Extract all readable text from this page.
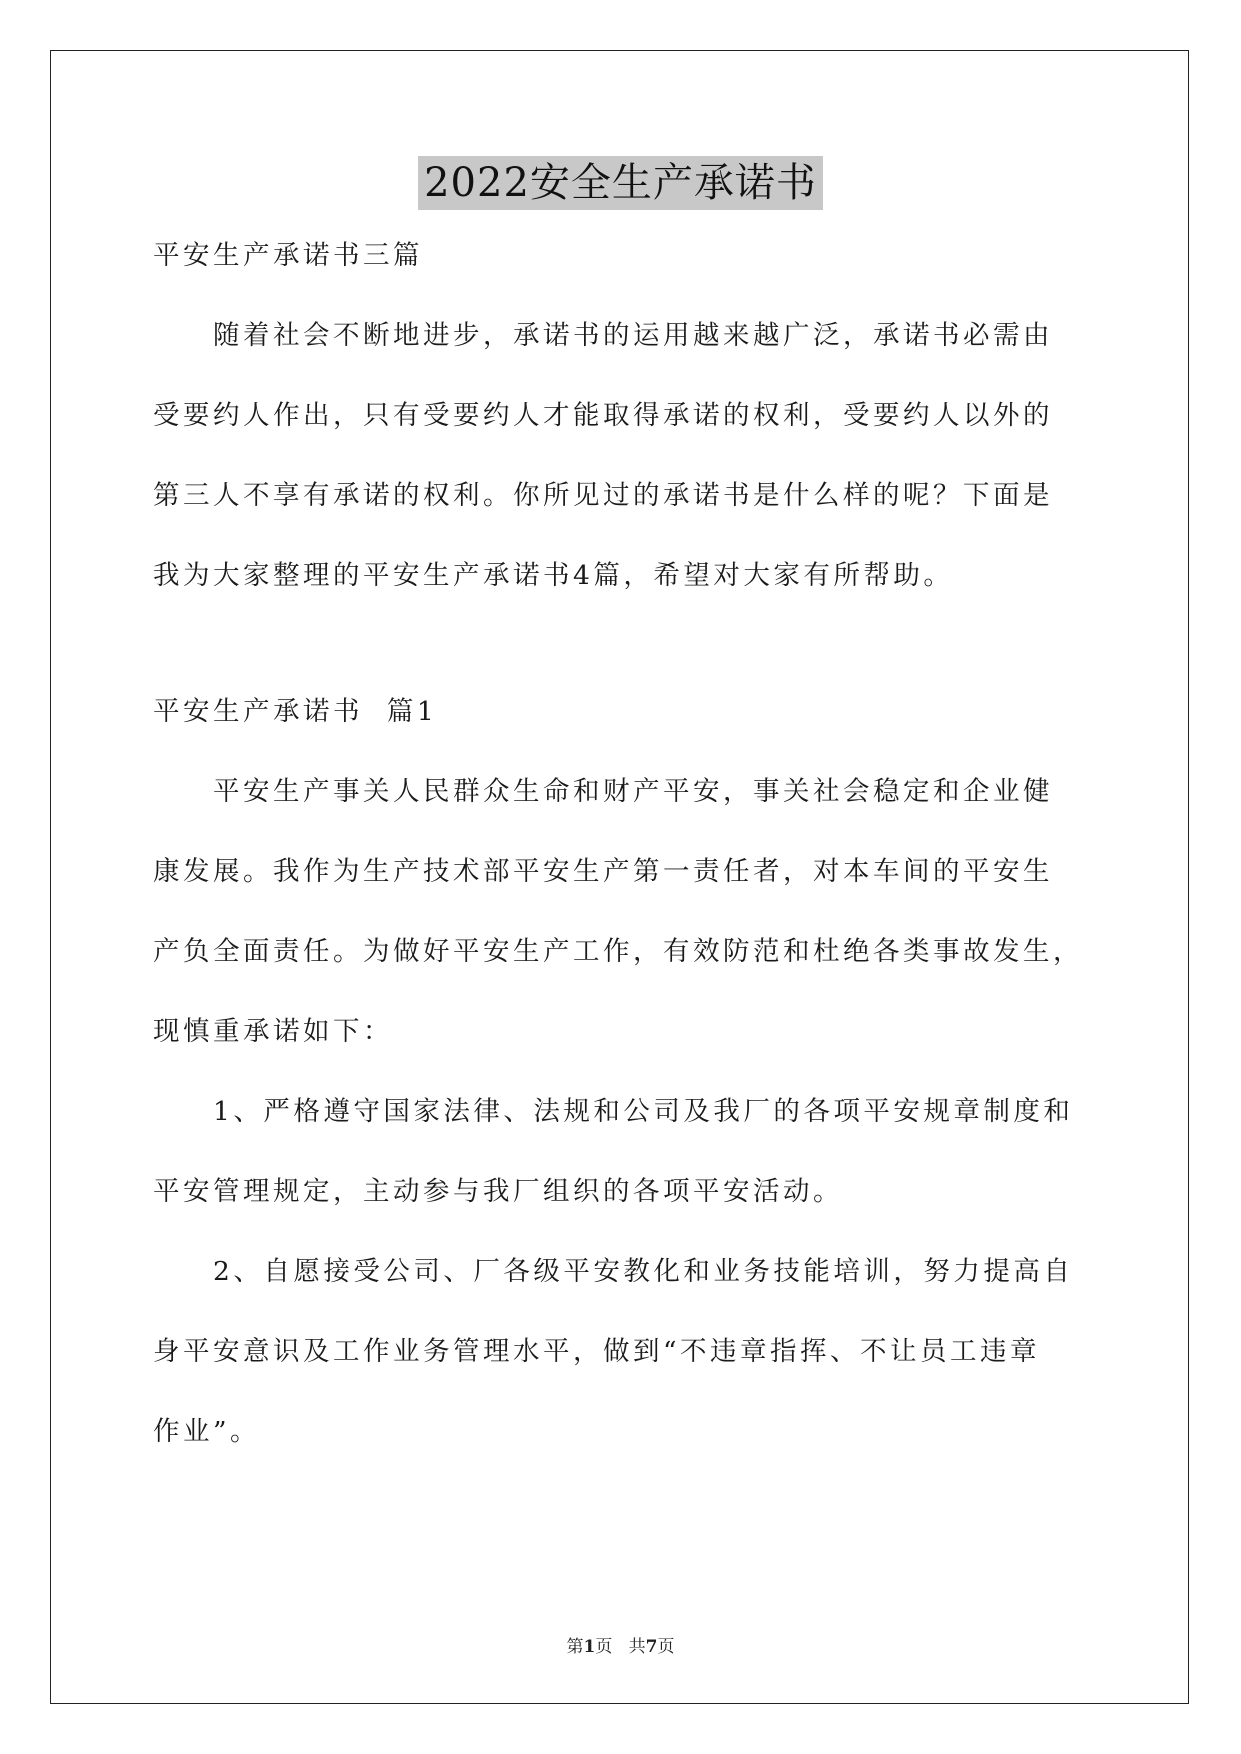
2022安全生产承诺书
平安生产承诺书三篇
随着社会不断地进步，承诺书的运用越来越广泛，承诺书必需由
受要约人作出，只有受要约人才能取得承诺的权利，受要约人以外的
第三人不享有承诺的权利。你所见过的承诺书是什么样的呢？下面是
我为大家整理的平安生产承诺书4篇，希望对大家有所帮助。
平安生产承诺书  篇1
平安生产事关人民群众生命和财产平安，事关社会稳定和企业健
康发展。我作为生产技术部平安生产第一责任者，对本车间的平安生
产负全面责任。为做好平安生产工作，有效防范和杜绝各类事故发生，
现慎重承诺如下：
1、严格遵守国家法律、法规和公司及我厂的各项平安规章制度和
平安管理规定，主动参与我厂组织的各项平安活动。
2、自愿接受公司、厂各级平安教化和业务技能培训，努力提高自
身平安意识及工作业务管理水平，做到“不违章指挥、不让员工违章
作业”。
第1页   共7页
